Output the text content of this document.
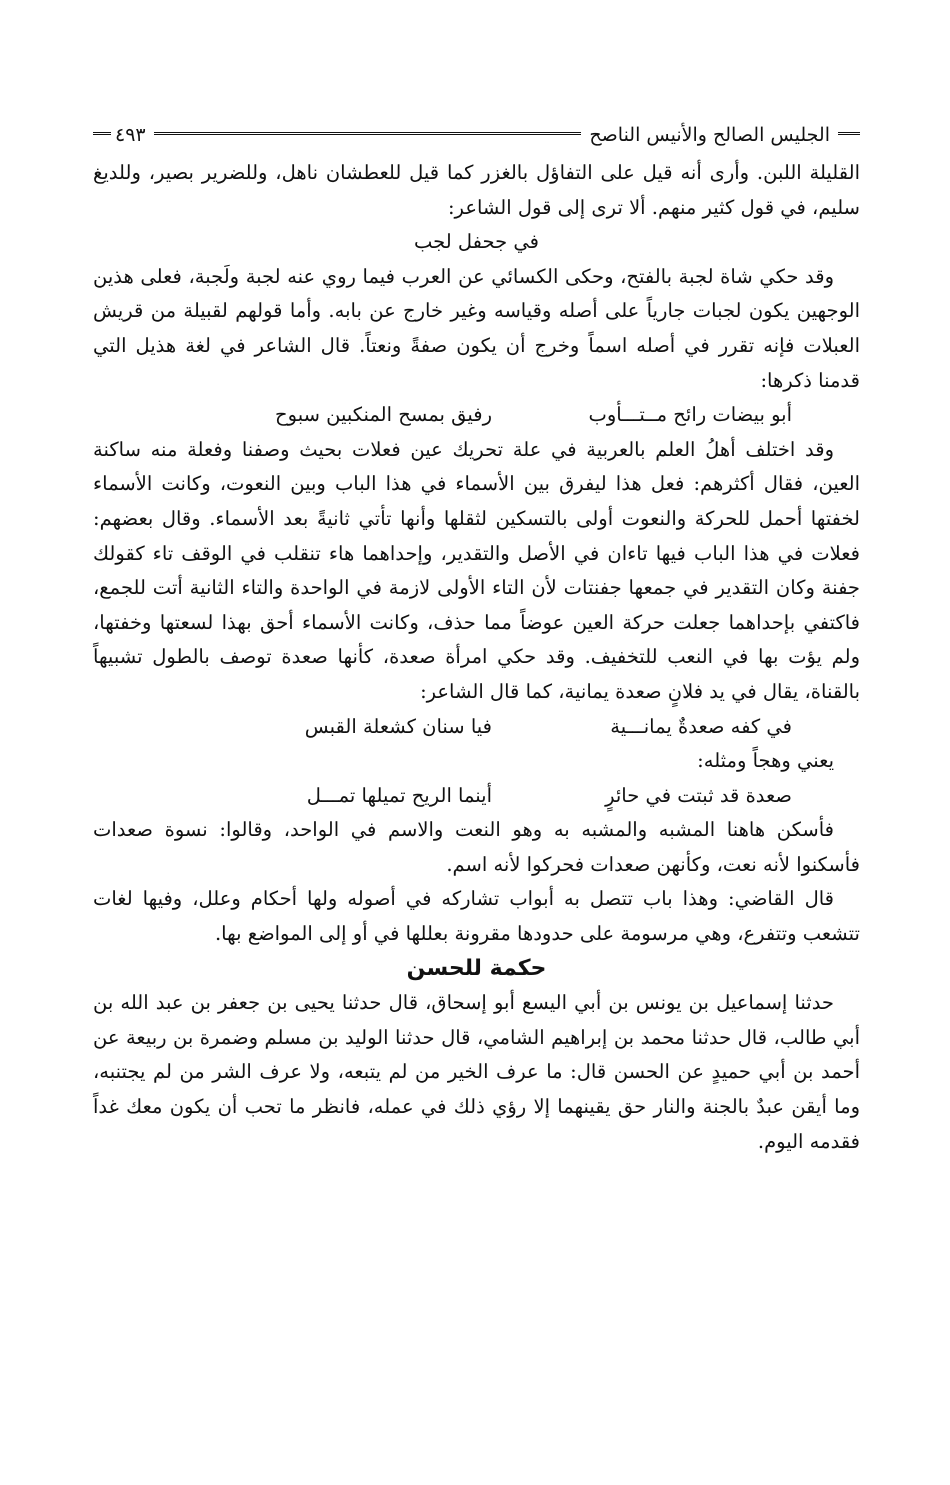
الجليس الصالح والأنيس الناصح
٤٩٣

القليلة اللبن. وأرى أنه قيل على التفاؤل بالغزر كما قيل للعطشان ناهل، وللضرير بصير، وللديغ سليم، في قول كثير منهم. ألا ترى إلى قول الشاعر:

في جحفل لجب

وقد حكي شاة لجبة بالفتح، وحكى الكسائي عن العرب فيما روي عنه لجبة ولَجبة، فعلى هذين الوجهين يكون لجبات جارياً على أصله وقياسه وغير خارج عن بابه. وأما قولهم لقبيلة من قريش العبلات فإنه تقرر في أصله اسماً وخرج أن يكون صفةً ونعتاً. قال الشاعر في لغة هذيل التي قدمنا ذكرها:

أبو بيضات رائح مــتـــأوب
رفيق بمسح المنكبين سبوح

وقد اختلف أهلُ العلم بالعربية في علة تحريك عين فعلات بحيث وصفنا وفعلة منه ساكنة العين، فقال أكثرهم: فعل هذا ليفرق بين الأسماء في هذا الباب وبين النعوت، وكانت الأسماء لخفتها أحمل للحركة والنعوت أولى بالتسكين لثقلها وأنها تأتي ثانيةً بعد الأسماء. وقال بعضهم: فعلات في هذا الباب فيها تاءان في الأصل والتقدير، وإحداهما هاء تنقلب في الوقف تاء كقولك جفنة وكان التقدير في جمعها جفنتات لأن التاء الأولى لازمة في الواحدة والتاء الثانية أتت للجمع، فاكتفي بإحداهما جعلت حركة العين عوضاً مما حذف، وكانت الأسماء أحق بهذا لسعتها وخفتها، ولم يؤت بها في النعب للتخفيف. وقد حكي امرأة صعدة، كأنها صعدة توصف بالطول تشبيهاً بالقناة، يقال في يد فلانٍ صعدة يمانية، كما قال الشاعر:

في كفه صعدةٌ يمانـــية
فيا سنان كشعلة القبس

يعني وهجاً ومثله:

صعدة قد ثبتت في حائرٍ
أينما الريح تميلها تمـــل

فأسكن هاهنا المشبه والمشبه به وهو النعت والاسم في الواحد، وقالوا: نسوة صعدات فأسكنوا لأنه نعت، وكأنهن صعدات فحركوا لأنه اسم.

قال القاضي: وهذا باب تتصل به أبواب تشاركه في أصوله ولها أحكام وعلل، وفيها لغات تتشعب وتتفرع، وهي مرسومة على حدودها مقرونة بعللها في أو إلى المواضع بها.

حكمة للحسن

حدثنا إسماعيل بن يونس بن أبي اليسع أبو إسحاق، قال حدثنا يحيى بن جعفر بن عبد الله بن أبي طالب، قال حدثنا محمد بن إبراهيم الشامي، قال حدثنا الوليد بن مسلم وضمرة بن ربيعة عن أحمد بن أبي حميدٍ عن الحسن قال: ما عرف الخير من لم يتبعه، ولا عرف الشر من لم يجتنبه، وما أيقن عبدٌ بالجنة والنار حق يقينهما إلا رؤي ذلك في عمله، فانظر ما تحب أن يكون معك غداً فقدمه اليوم.
